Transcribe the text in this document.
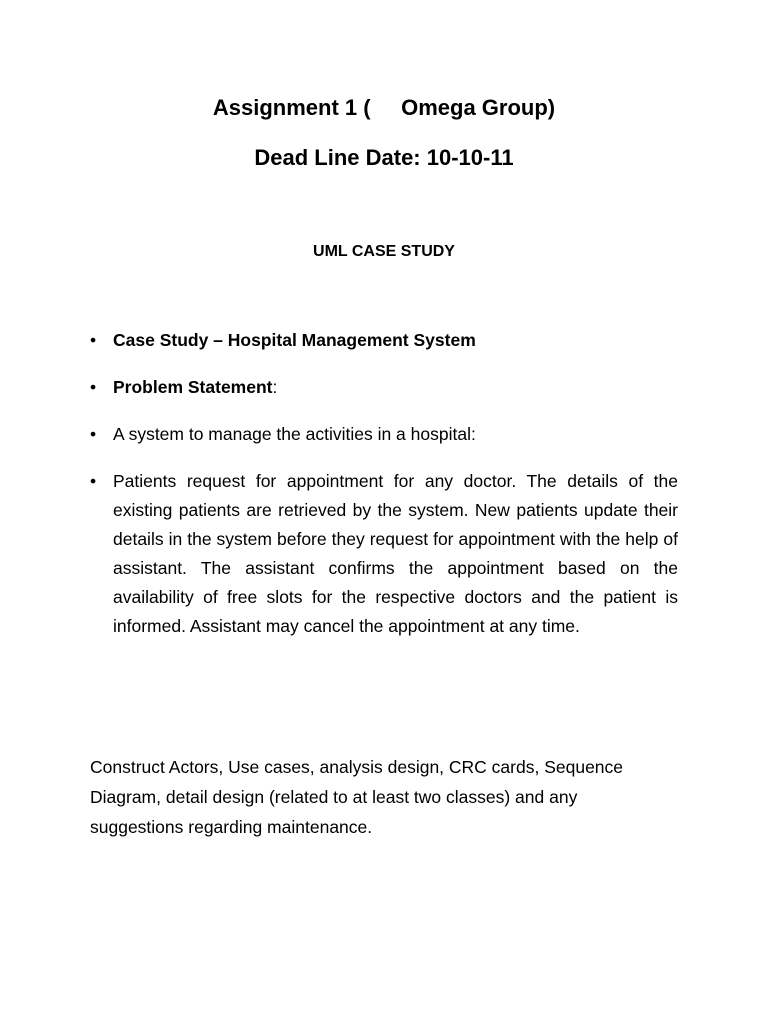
Assignment 1 (     Omega Group)
Dead Line Date: 10-10-11
UML CASE STUDY
• Case Study – Hospital Management System
• Problem Statement:
• A system to manage the activities in a hospital:
• Patients request for appointment for any doctor. The details of the existing patients are retrieved by the system. New patients update their details in the system before they request for appointment with the help of assistant. The assistant confirms the appointment based on the availability of free slots for the respective doctors and the patient is informed. Assistant may cancel the appointment at any time.
Construct Actors, Use cases, analysis design, CRC cards, Sequence Diagram, detail design (related to at least two classes) and any suggestions regarding maintenance.
